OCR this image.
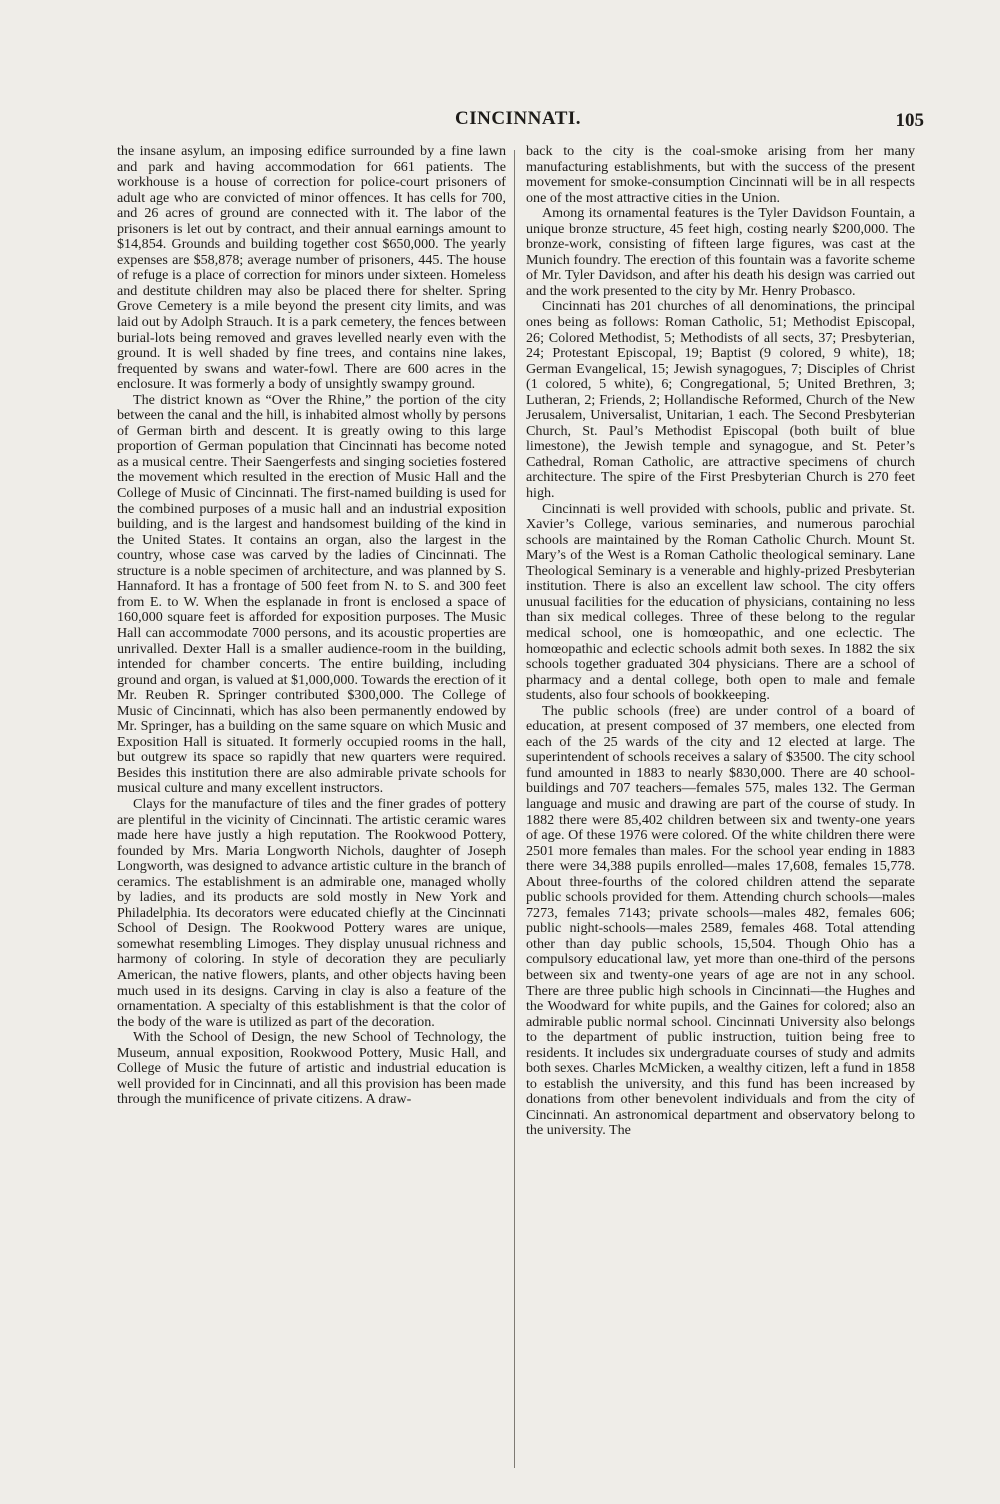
CINCINNATI.	105

the insane asylum, an imposing edifice surrounded by a fine lawn and park and having accommodation for 661 patients. The workhouse is a house of correction for police-court prisoners of adult age who are convicted of minor offences. It has cells for 700, and 26 acres of ground are connected with it. The labor of the prisoners is let out by contract, and their annual earnings amount to $14,854. Grounds and building together cost $650,000. The yearly expenses are $58,878; average number of prisoners, 445. The house of refuge is a place of correction for minors under sixteen. Homeless and destitute children may also be placed there for shelter. Spring Grove Cemetery is a mile beyond the present city limits, and was laid out by Adolph Strauch. It is a park cemetery, the fences between burial-lots being removed and graves levelled nearly even with the ground. It is well shaded by fine trees, and contains nine lakes, frequented by swans and water-fowl. There are 600 acres in the enclosure. It was formerly a body of unsightly swampy ground.

The district known as “Over the Rhine,” the portion of the city between the canal and the hill, is inhabited almost wholly by persons of German birth and descent. It is greatly owing to this large proportion of German population that Cincinnati has become noted as a musical centre. Their Saengerfests and singing societies fostered the movement which resulted in the erection of Music Hall and the College of Music of Cincinnati. The first-named building is used for the combined purposes of a music hall and an industrial exposition building, and is the largest and handsomest building of the kind in the United States. It contains an organ, also the largest in the country, whose case was carved by the ladies of Cincinnati. The structure is a noble specimen of architecture, and was planned by S. Hannaford. It has a frontage of 500 feet from N. to S. and 300 feet from E. to W. When the esplanade in front is enclosed a space of 160,000 square feet is afforded for exposition purposes. The Music Hall can accommodate 7000 persons, and its acoustic properties are unrivalled. Dexter Hall is a smaller audience-room in the building, intended for chamber concerts. The entire building, including ground and organ, is valued at $1,000,000. Towards the erection of it Mr. Reuben R. Springer contributed $300,000. The College of Music of Cincinnati, which has also been permanently endowed by Mr. Springer, has a building on the same square on which Music and Exposition Hall is situated. It formerly occupied rooms in the hall, but outgrew its space so rapidly that new quarters were required. Besides this institution there are also admirable private schools for musical culture and many excellent instructors.

Clays for the manufacture of tiles and the finer grades of pottery are plentiful in the vicinity of Cincinnati. The artistic ceramic wares made here have justly a high reputation. The Rookwood Pottery, founded by Mrs. Maria Longworth Nichols, daughter of Joseph Longworth, was designed to advance artistic culture in the branch of ceramics. The establishment is an admirable one, managed wholly by ladies, and its products are sold mostly in New York and Philadelphia. Its decorators were educated chiefly at the Cincinnati School of Design. The Rookwood Pottery wares are unique, somewhat resembling Limoges. They display unusual richness and harmony of coloring. In style of decoration they are peculiarly American, the native flowers, plants, and other objects having been much used in its designs. Carving in clay is also a feature of the ornamentation. A specialty of this establishment is that the color of the body of the ware is utilized as part of the decoration.

With the School of Design, the new School of Technology, the Museum, annual exposition, Rookwood Pottery, Music Hall, and College of Music the future of artistic and industrial education is well provided for in Cincinnati, and all this provision has been made through the munificence of private citizens. A draw-

back to the city is the coal-smoke arising from her many manufacturing establishments, but with the success of the present movement for smoke-consumption Cincinnati will be in all respects one of the most attractive cities in the Union.

Among its ornamental features is the Tyler Davidson Fountain, a unique bronze structure, 45 feet high, costing nearly $200,000. The bronze-work, consisting of fifteen large figures, was cast at the Munich foundry. The erection of this fountain was a favorite scheme of Mr. Tyler Davidson, and after his death his design was carried out and the work presented to the city by Mr. Henry Probasco.

Cincinnati has 201 churches of all denominations, the principal ones being as follows: Roman Catholic, 51; Methodist Episcopal, 26; Colored Methodist, 5; Methodists of all sects, 37; Presbyterian, 24; Protestant Episcopal, 19; Baptist (9 colored, 9 white), 18; German Evangelical, 15; Jewish synagogues, 7; Disciples of Christ (1 colored, 5 white), 6; Congregational, 5; United Brethren, 3; Lutheran, 2; Friends, 2; Hollandische Reformed, Church of the New Jerusalem, Universalist, Unitarian, 1 each. The Second Presbyterian Church, St. Paul’s Methodist Episcopal (both built of blue limestone), the Jewish temple and synagogue, and St. Peter’s Cathedral, Roman Catholic, are attractive specimens of church architecture. The spire of the First Presbyterian Church is 270 feet high.

Cincinnati is well provided with schools, public and private. St. Xavier’s College, various seminaries, and numerous parochial schools are maintained by the Roman Catholic Church. Mount St. Mary’s of the West is a Roman Catholic theological seminary. Lane Theological Seminary is a venerable and highly-prized Presbyterian institution. There is also an excellent law school. The city offers unusual facilities for the education of physicians, containing no less than six medical colleges. Three of these belong to the regular medical school, one is homœopathic, and one eclectic. The homœopathic and eclectic schools admit both sexes. In 1882 the six schools together graduated 304 physicians. There are a school of pharmacy and a dental college, both open to male and female students, also four schools of bookkeeping.

The public schools (free) are under control of a board of education, at present composed of 37 members, one elected from each of the 25 wards of the city and 12 elected at large. The superintendent of schools receives a salary of $3500. The city school fund amounted in 1883 to nearly $830,000. There are 40 school-buildings and 707 teachers—females 575, males 132. The German language and music and drawing are part of the course of study. In 1882 there were 85,402 children between six and twenty-one years of age. Of these 1976 were colored. Of the white children there were 2501 more females than males. For the school year ending in 1883 there were 34,388 pupils enrolled—males 17,608, females 15,778. About three-fourths of the colored children attend the separate public schools provided for them. Attending church schools—males 7273, females 7143; private schools—males 482, females 606; public night-schools—males 2589, females 468. Total attending other than day public schools, 15,504. Though Ohio has a compulsory educational law, yet more than one-third of the persons between six and twenty-one years of age are not in any school. There are three public high schools in Cincinnati—the Hughes and the Woodward for white pupils, and the Gaines for colored; also an admirable public normal school. Cincinnati University also belongs to the department of public instruction, tuition being free to residents. It includes six undergraduate courses of study and admits both sexes. Charles McMicken, a wealthy citizen, left a fund in 1858 to establish the university, and this fund has been increased by donations from other benevolent individuals and from the city of Cincinnati. An astronomical department and observatory belong to the university. The
